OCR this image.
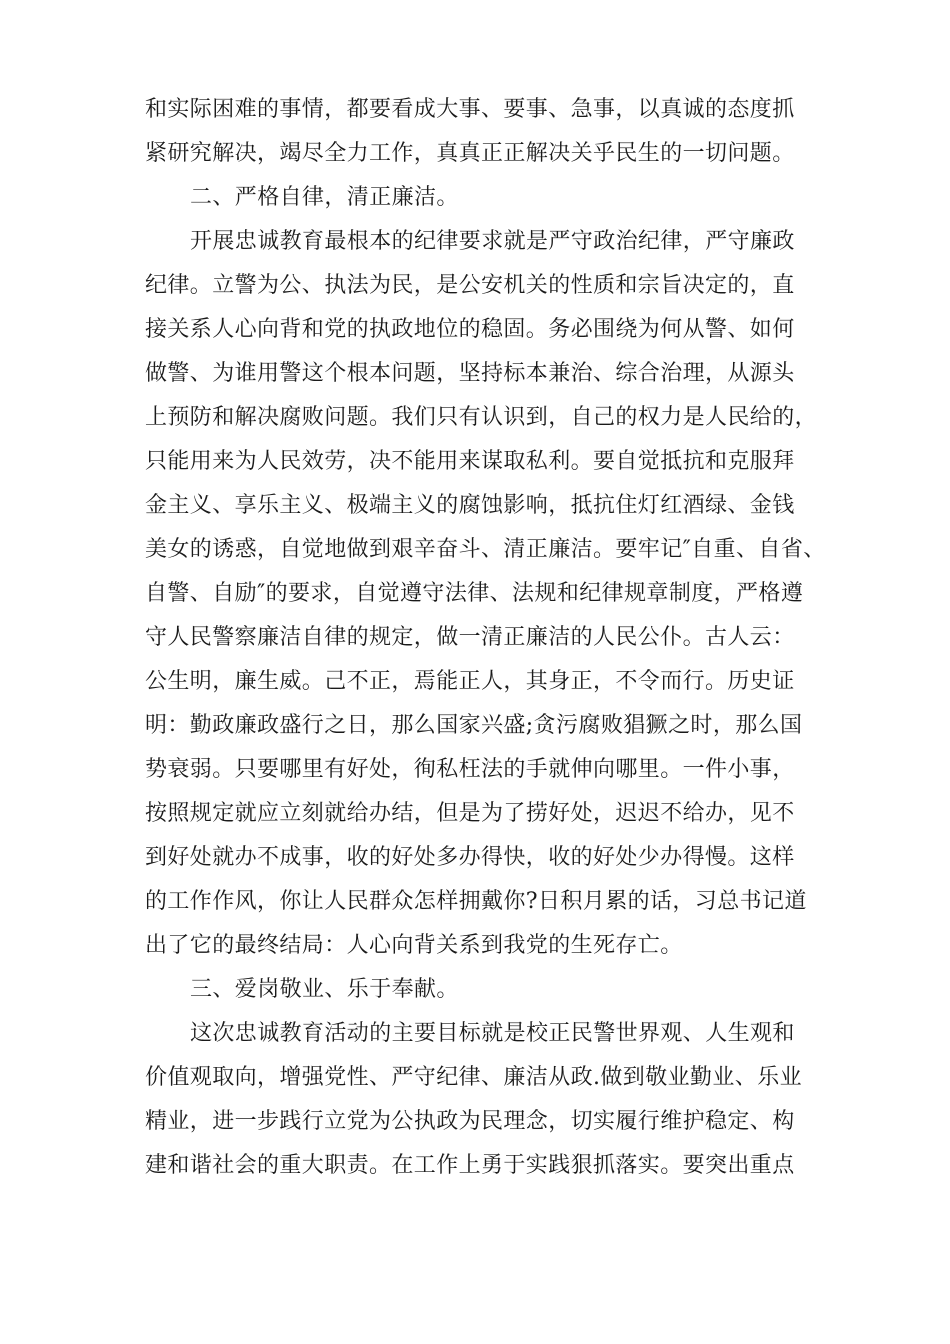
和实际困难的事情，都要看成大事、要事、急事，以真诚的态度抓
紧研究解决，竭尽全力工作，真真正正解决关乎民生的一切问题。
二、严格自律，清正廉洁。
开展忠诚教育最根本的纪律要求就是严守政治纪律，严守廉政
纪律。立警为公、执法为民，是公安机关的性质和宗旨决定的，直
接关系人心向背和党的执政地位的稳固。务必围绕为何从警、如何
做警、为谁用警这个根本问题，坚持标本兼治、综合治理，从源头
上预防和解决腐败问题。我们只有认识到，自己的权力是人民给的，
只能用来为人民效劳，决不能用来谋取私利。要自觉抵抗和克服拜
金主义、享乐主义、极端主义的腐蚀影响，抵抗住灯红酒绿、金钱
美女的诱惑，自觉地做到艰辛奋斗、清正廉洁。要牢记″自重、自省、
自警、自励″的要求，自觉遵守法律、法规和纪律规章制度，严格遵
守人民警察廉洁自律的规定，做一清正廉洁的人民公仆。古人云：
公生明，廉生威。己不正，焉能正人，其身正，不令而行。历史证
明：勤政廉政盛行之日，那么国家兴盛;贪污腐败猖獗之时，那么国
势衰弱。只要哪里有好处，徇私枉法的手就伸向哪里。一件小事，
按照规定就应立刻就给办结，但是为了捞好处，迟迟不给办，见不
到好处就办不成事，收的好处多办得快，收的好处少办得慢。这样
的工作作风，你让人民群众怎样拥戴你?日积月累的话，习总书记道
出了它的最终结局：人心向背关系到我党的生死存亡。
三、爱岗敬业、乐于奉献。
这次忠诚教育活动的主要目标就是校正民警世界观、人生观和
价值观取向，增强党性、严守纪律、廉洁从政.做到敬业勤业、乐业
精业，进一步践行立党为公执政为民理念，切实履行维护稳定、构
建和谐社会的重大职责。在工作上勇于实践狠抓落实。要突出重点
